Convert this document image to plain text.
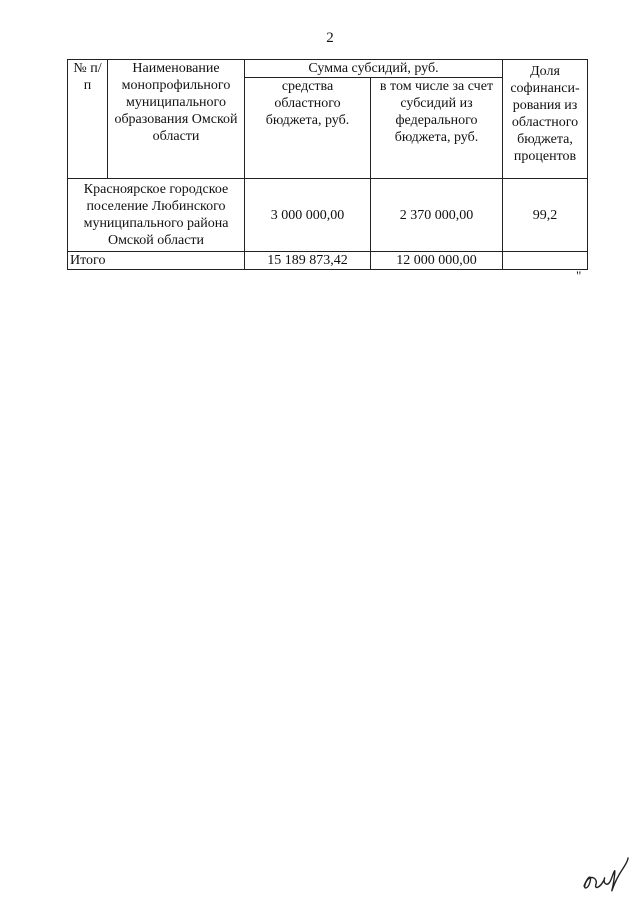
2
№ п/п	Наименование монопрофильного муниципального образования Омской области	Сумма субсидий, руб.		Доля софинанси-рования из областного бюджета, процентов
		средства областного бюджета, руб.	в том числе за счет субсидий из федерального бюджета, руб.	
Красноярское городское поселение Любинского муниципального района Омской области		3 000 000,00	2 370 000,00	99,2
Итого		15 189 873,42	12 000 000,00	
"
